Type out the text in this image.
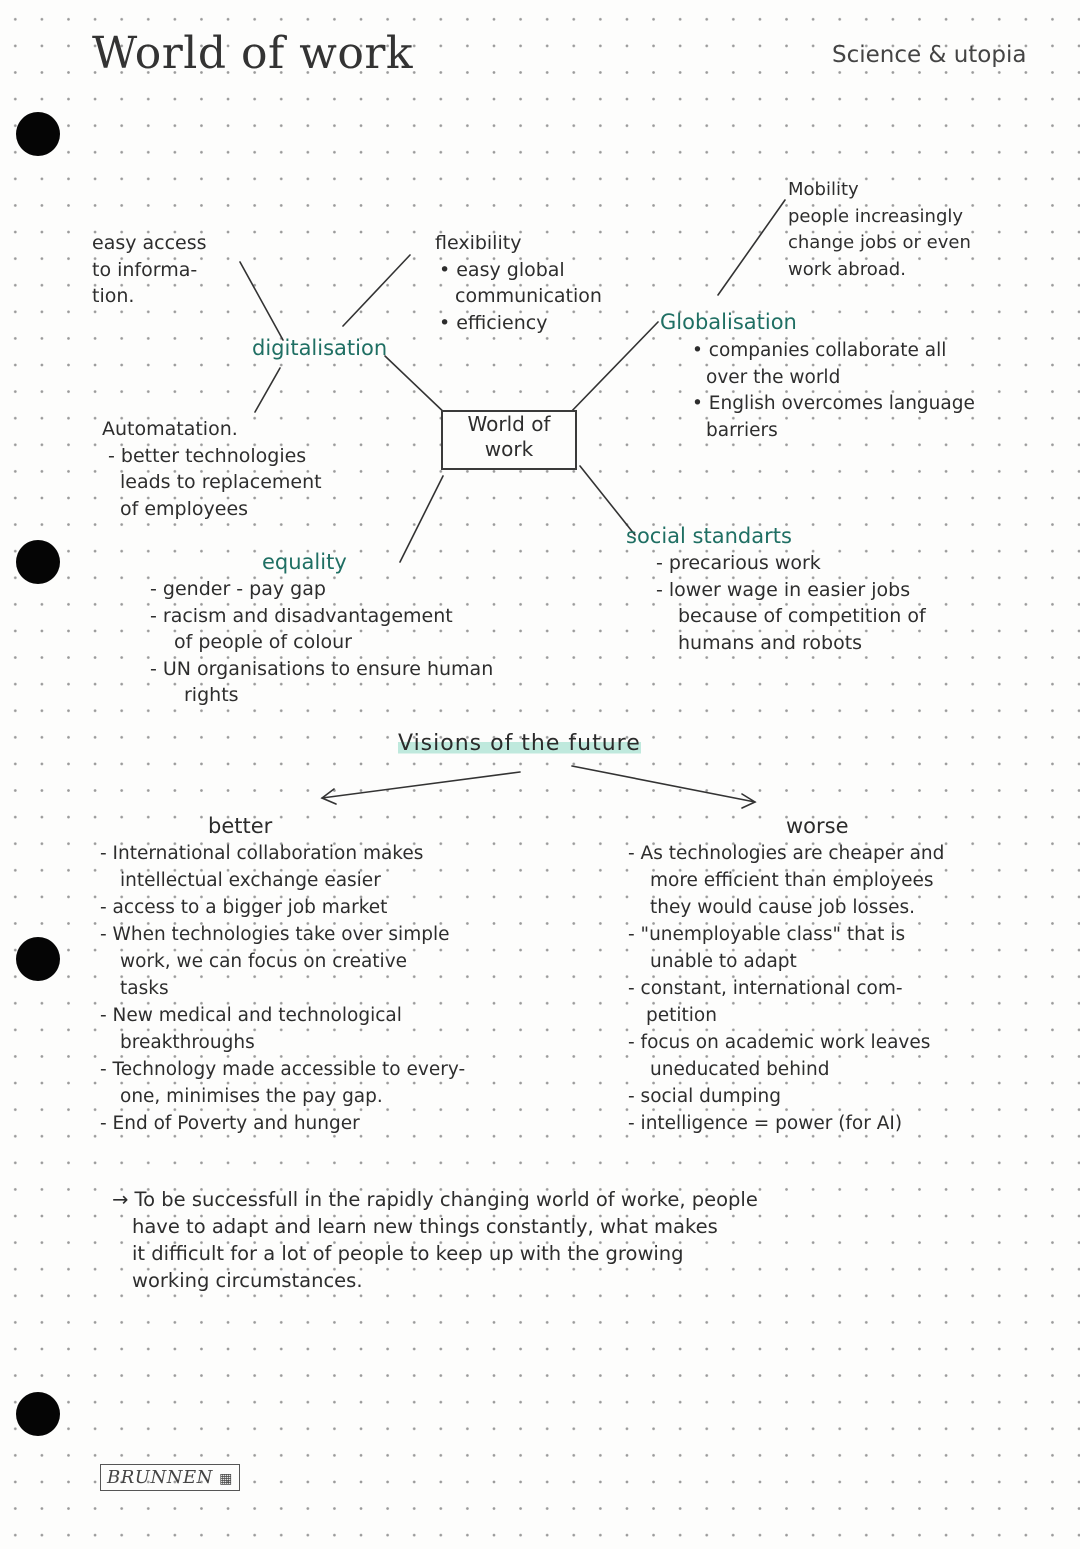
World of work	Science & utopia
World of
work
digitalisation
easy access
to informa-
tion.
flexibility
• easy global
communication
• efficiency
Automatation.
- better technologies
leads to replacement
of employees
Globalisation
Mobility
people increasingly
change jobs or even
work abroad.
• companies collaborate all
over the world
• English overcomes language
barriers
equality
- gender - pay gap
- racism and disadvantagement
of people of colour
- UN organisations to ensure human
rights
social standarts
- precarious work
- lower wage in easier jobs
because of competition of
humans and robots
Visions of the future
better
- International collaboration makes
intellectual exchange easier
- access to a bigger job market
- When technologies take over simple
work, we can focus on creative
tasks
- New medical and technological
breakthroughs
- Technology made accessible to every-
one, minimises the pay gap.
- End of Poverty and hunger
worse
- As technologies are cheaper and
more efficient than employees
they would cause job losses.
- "unemployable class" that is
unable to adapt
- constant, international com-
petition
- focus on academic work leaves
uneducated behind
- social dumping
- intelligence = power (for AI)
→ To be successfull in the rapidly changing world of worke, people
have to adapt and learn new things constantly, what makes
it difficult for a lot of people to keep up with the growing
working circumstances.
BRUNNEN ▦
